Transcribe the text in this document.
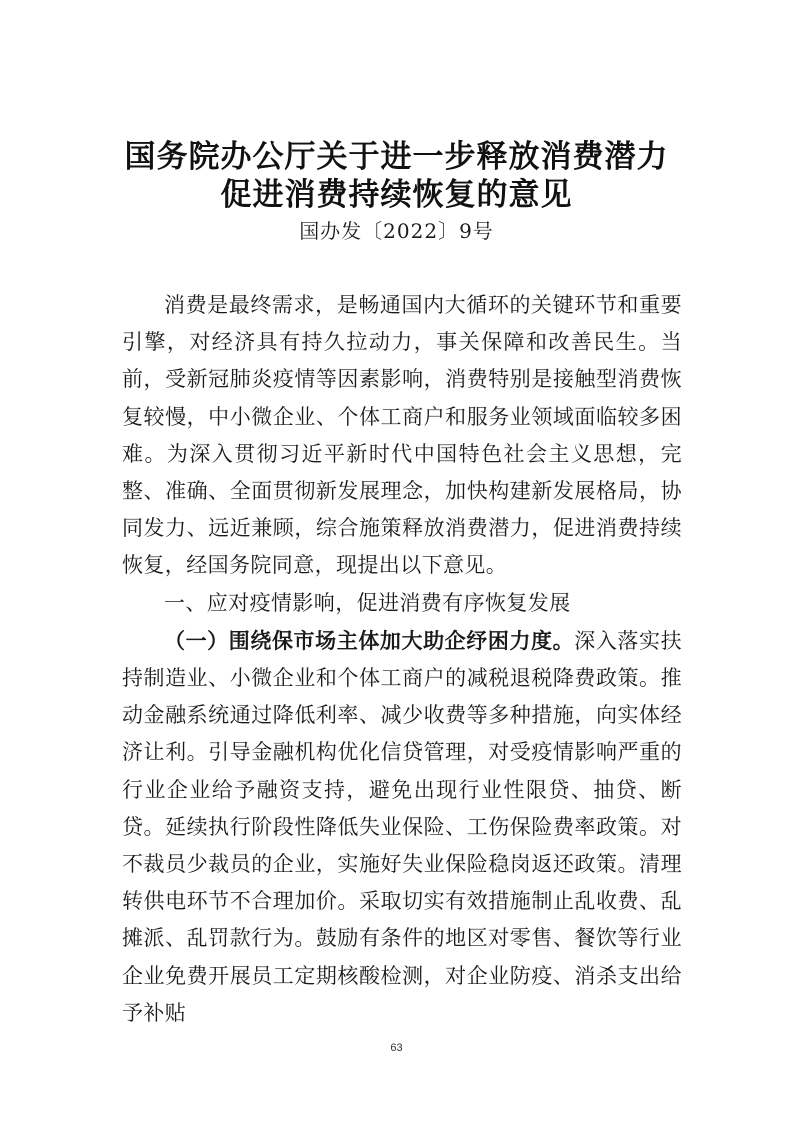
国务院办公厅关于进一步释放消费潜力
促进消费持续恢复的意见
国办发〔2022〕9号

消费是最终需求，是畅通国内大循环的关键环节和重要引擎，对经济具有持久拉动力，事关保障和改善民生。当前，受新冠肺炎疫情等因素影响，消费特别是接触型消费恢复较慢，中小微企业、个体工商户和服务业领域面临较多困难。为深入贯彻习近平新时代中国特色社会主义思想，完整、准确、全面贯彻新发展理念，加快构建新发展格局，协同发力、远近兼顾，综合施策释放消费潜力，促进消费持续恢复，经国务院同意，现提出以下意见。

一、应对疫情影响，促进消费有序恢复发展

（一）围绕保市场主体加大助企纾困力度。深入落实扶持制造业、小微企业和个体工商户的减税退税降费政策。推动金融系统通过降低利率、减少收费等多种措施，向实体经济让利。引导金融机构优化信贷管理，对受疫情影响严重的行业企业给予融资支持，避免出现行业性限贷、抽贷、断贷。延续执行阶段性降低失业保险、工伤保险费率政策。对不裁员少裁员的企业，实施好失业保险稳岗返还政策。清理转供电环节不合理加价。采取切实有效措施制止乱收费、乱摊派、乱罚款行为。鼓励有条件的地区对零售、餐饮等行业企业免费开展员工定期核酸检测，对企业防疫、消杀支出给予补贴

63
